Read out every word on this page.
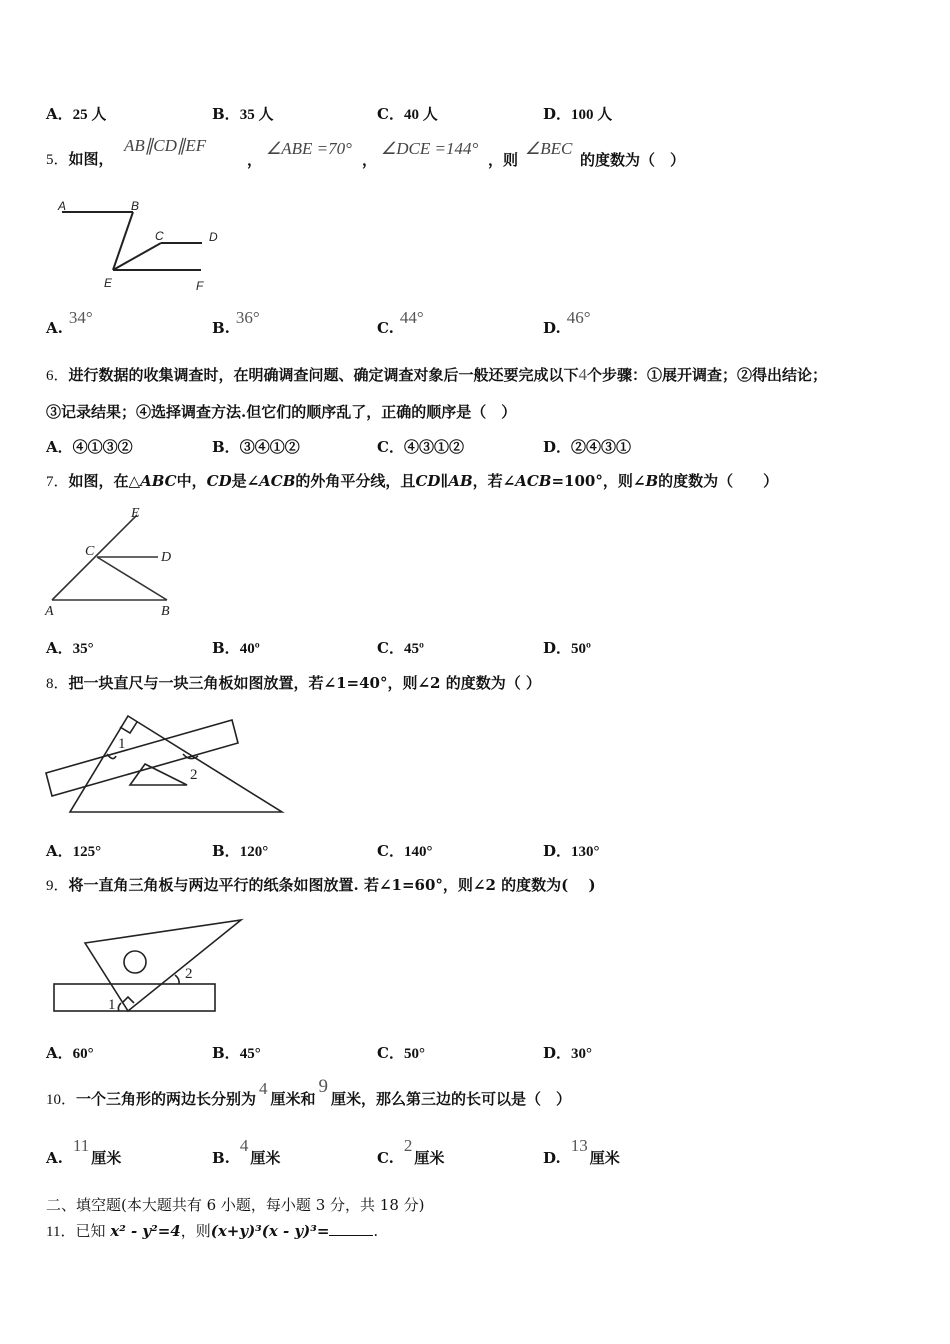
A．25 人	B．35 人	C．40 人	D．100 人
5．如图，
AB∥CD∥EF
，
∠ABE =70°
，
∠DCE =144°
，则
∠BEC
的度数为（　）
A	B
C	D
E	F
A.34°
B.36°
C.44°
D.46°
6．进行数据的收集调查时，在明确调查问题、确定调查对象后一般还要完成以下4个步骤：①展开调查；②得出结论；
③记录结果；④选择调查方法.但它们的顺序乱了，正确的顺序是（　）
A．④①③②	B．③④①②	C．④③①②	D．②④③①
7．如图，在△ABC中，CD是∠ACB的外角平分线，且CD∥AB，若∠ACB=100°，则∠B的度数为（　　）
E
C	D
A	B
A．35°	B．40º	C．45º	D．50º
8．把一块直尺与一块三角板如图放置，若∠1=40°，则∠2 的度数为（ ）
1
2
A．125°	B．120°	C．140°	D．130°
9．将一直角三角板与两边平行的纸条如图放置. 若∠1=60°，则∠2 的度数为(　 )
2
1
A．60°	B．45°	C．50°	D．30°
10．一个三角形的两边长分别为4厘米和9厘米，那么第三边的长可以是（　）
A.11厘米	B.4厘米	C.2厘米	D.13厘米
二、填空题(本大题共有 6 小题，每小题 3 分，共 18 分)
11．已知 x² - y²=4，则(x+y)³(x - y)³=	.
